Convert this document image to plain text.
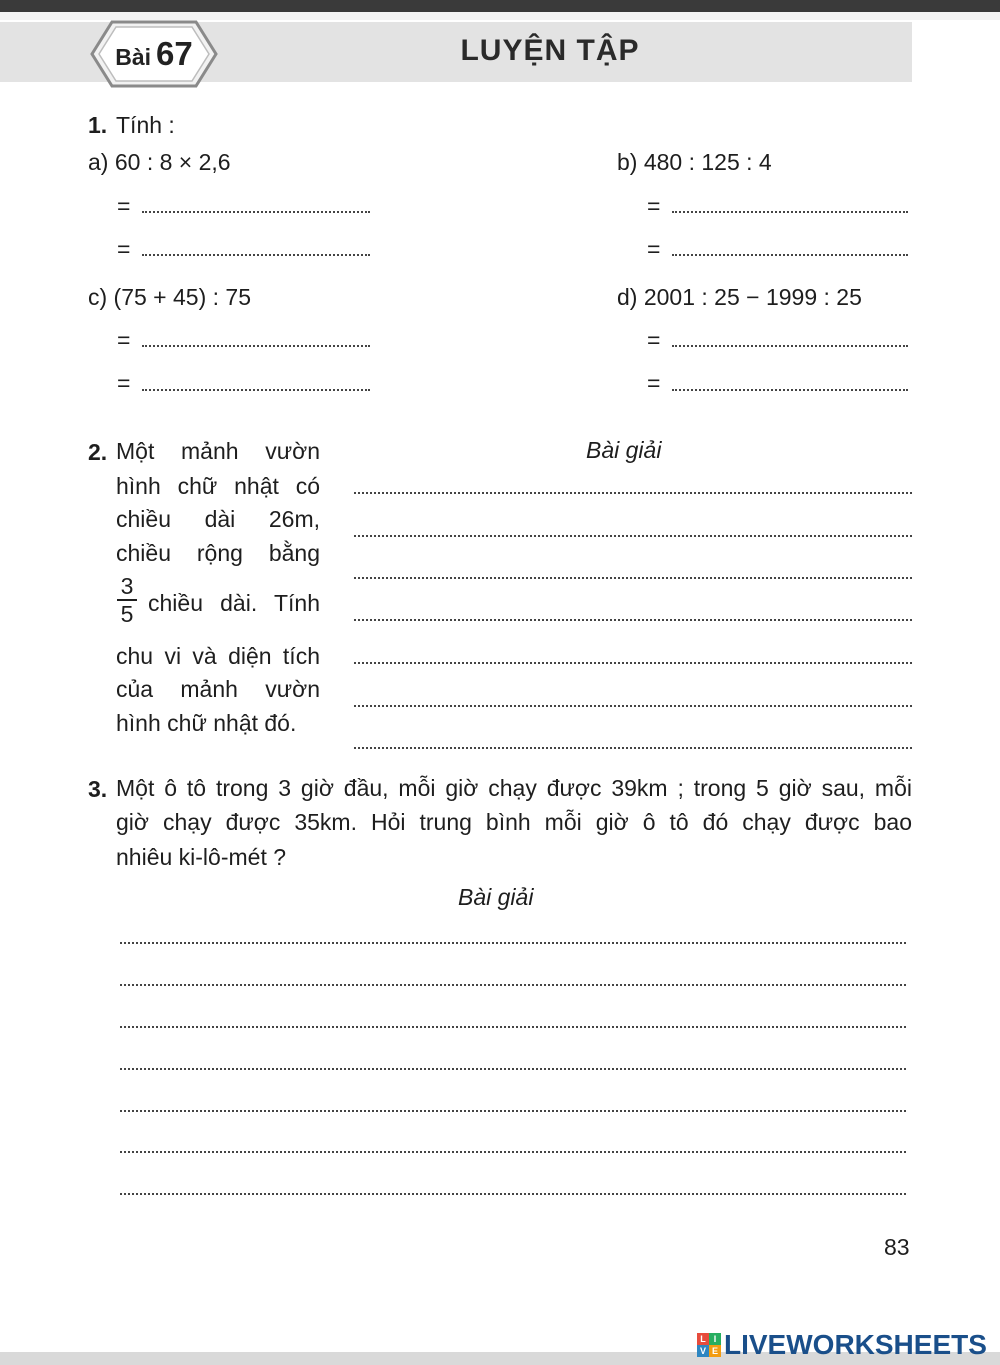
Bài 67	LUYỆN TẬP
1. Tính :
a) 60 : 8 × 2,6	b) 480 : 125 : 4
=	=
=	=
c) (75 + 45) : 75	d) 2001 : 25 − 1999 : 25
=	=
=	=
2. Một mảnh vườn
hình chữ nhật có
chiều dài 26m,
chiều rộng bằng
3
5 chiều dài. Tính
chu vi và diện tích
của mảnh vườn
hình chữ nhật đó.
Bài giải
3. Một ô tô trong 3 giờ đầu, mỗi giờ chạy được 39km ; trong 5 giờ sau, mỗi
giờ chạy được 35km. Hỏi trung bình mỗi giờ ô tô đó chạy được bao
nhiêu ki-lô-mét ?
Bài giải
83
L I
V E LIVEWORKSHEETS
